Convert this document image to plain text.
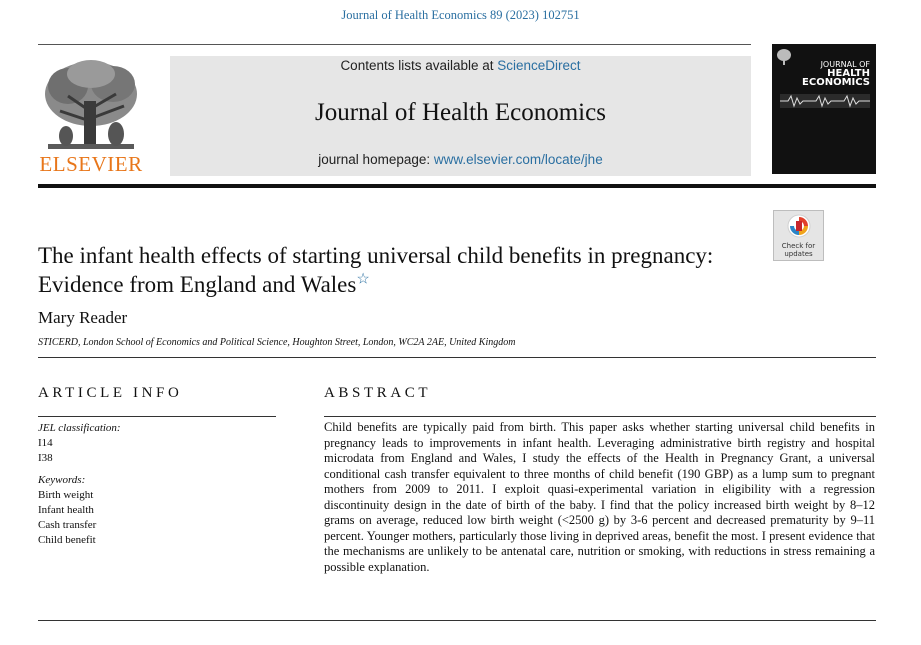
Journal of Health Economics 89 (2023) 102751
ELSEVIER
Contents lists available at ScienceDirect
Journal of Health Economics
journal homepage: www.elsevier.com/locate/jhe
JOURNAL OF
HEALTH
ECONOMICS
Check for
updates
The infant health effects of starting universal child benefits in pregnancy: Evidence from England and Wales☆
Mary Reader
STICERD, London School of Economics and Political Science, Houghton Street, London, WC2A 2AE, United Kingdom
ARTICLE INFO	ABSTRACT
JEL classification:
I14
I38
Keywords:
Birth weight
Infant health
Cash transfer
Child benefit
Child benefits are typically paid from birth. This paper asks whether starting universal child benefits in pregnancy leads to improvements in infant health. Leveraging administrative birth registry and hospital microdata from England and Wales, I study the effects of the Health in Pregnancy Grant, a universal conditional cash transfer equivalent to three months of child benefit (190 GBP) as a lump sum to pregnant mothers from 2009 to 2011. I exploit quasi-experimental variation in eligibility with a regression discontinuity design in the date of birth of the baby. I find that the policy increased birth weight by 8–12 grams on average, reduced low birth weight (<2500 g) by 3-6 percent and decreased prematurity by 9–11 percent. Younger mothers, particularly those living in deprived areas, benefit the most. I present evidence that the mechanisms are unlikely to be antenatal care, nutrition or smoking, with reductions in stress remaining a possible explanation.
